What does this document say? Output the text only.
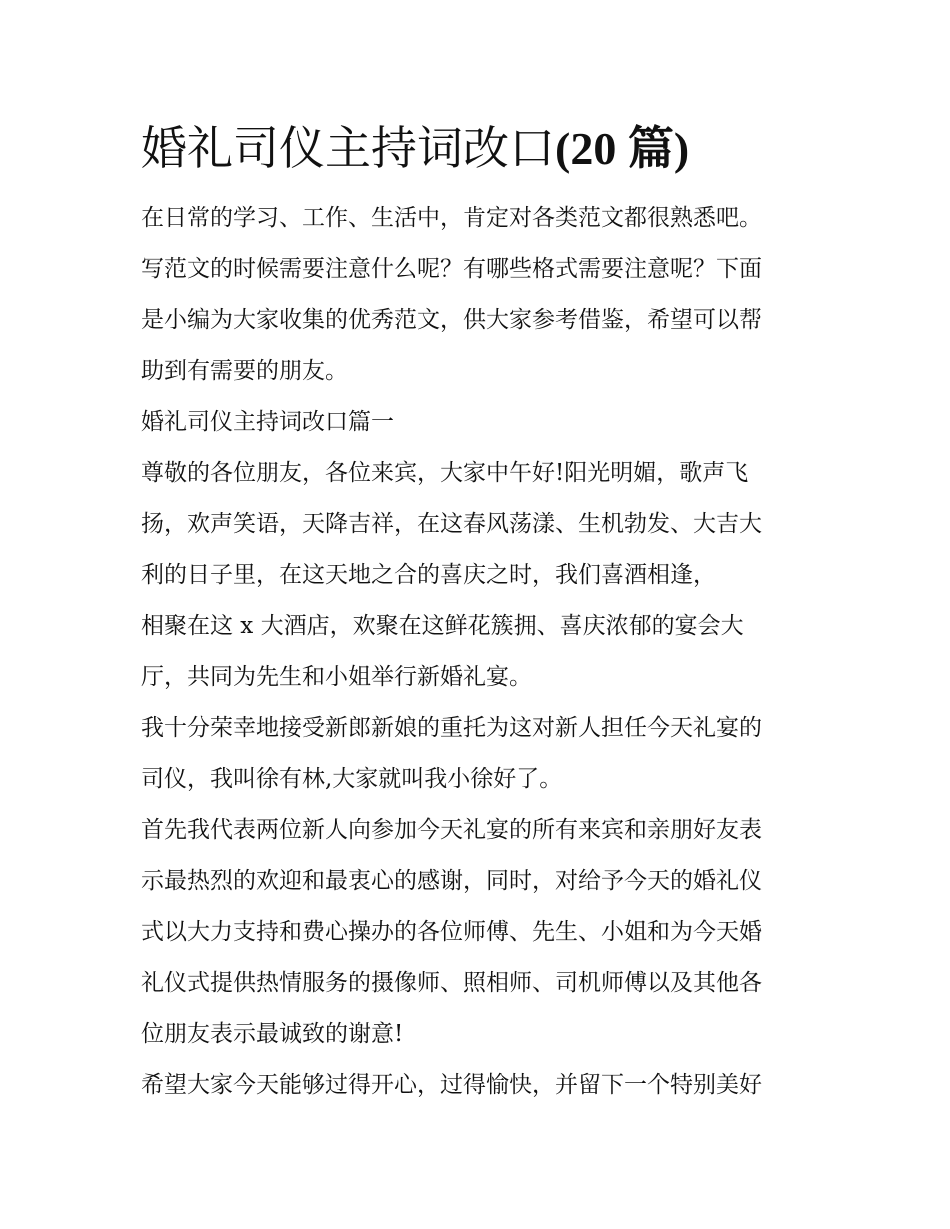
婚礼司仪主持词改口(20 篇)
在日常的学习、工作、生活中，肯定对各类范文都很熟悉吧。
写范文的时候需要注意什么呢？有哪些格式需要注意呢？下面
是小编为大家收集的优秀范文，供大家参考借鉴，希望可以帮
助到有需要的朋友。
婚礼司仪主持词改口篇一
尊敬的各位朋友，各位来宾，大家中午好!阳光明媚，歌声飞
扬，欢声笑语，天降吉祥，在这春风荡漾、生机勃发、大吉大
利的日子里，在这天地之合的喜庆之时，我们喜酒相逢，
相聚在这 x 大酒店，欢聚在这鲜花簇拥、喜庆浓郁的宴会大
厅，共同为先生和小姐举行新婚礼宴。
我十分荣幸地接受新郎新娘的重托为这对新人担任今天礼宴的
司仪，我叫徐有林,大家就叫我小徐好了。
首先我代表两位新人向参加今天礼宴的所有来宾和亲朋好友表
示最热烈的欢迎和最衷心的感谢，同时，对给予今天的婚礼仪
式以大力支持和费心操办的各位师傅、先生、小姐和为今天婚
礼仪式提供热情服务的摄像师、照相师、司机师傅以及其他各
位朋友表示最诚致的谢意!
希望大家今天能够过得开心，过得愉快，并留下一个特别美好
